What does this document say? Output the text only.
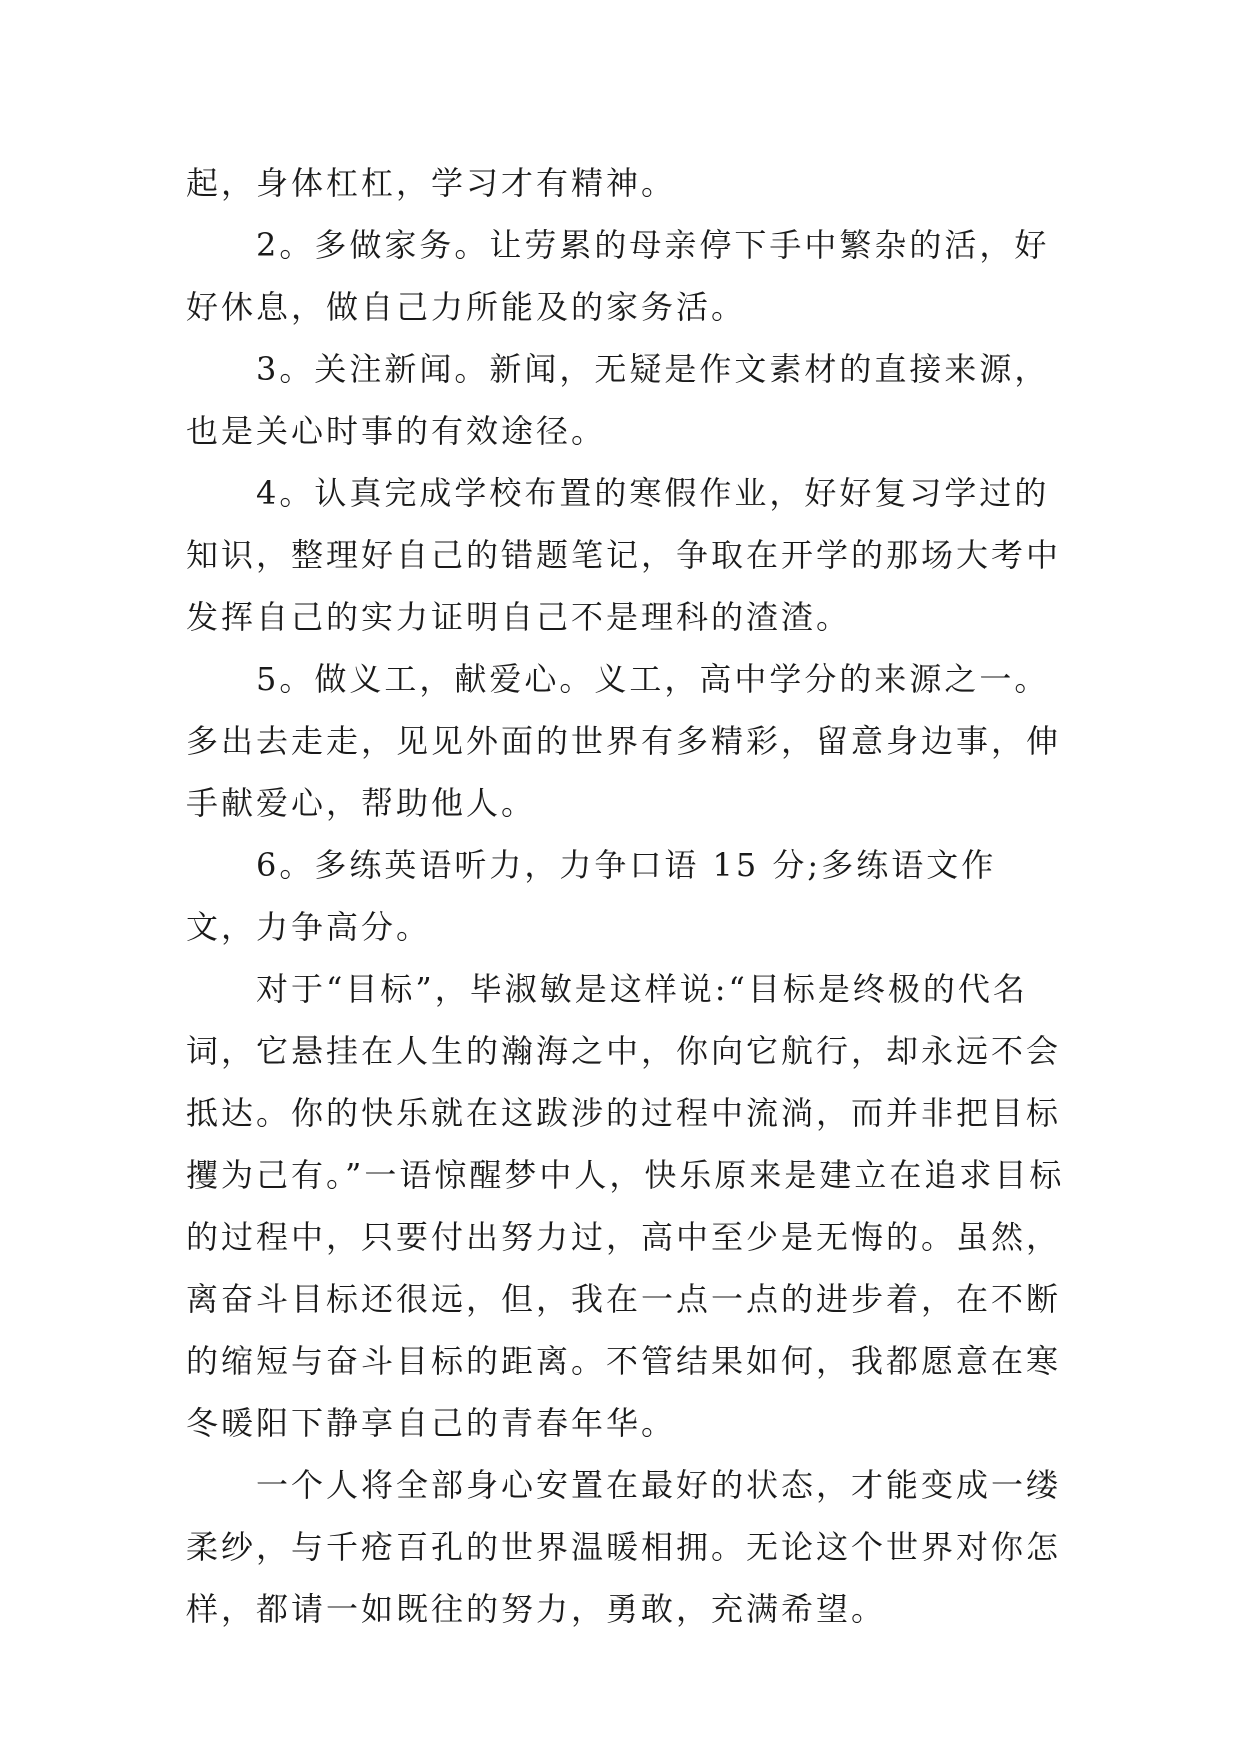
起，身体杠杠，学习才有精神。

2。多做家务。让劳累的母亲停下手中繁杂的活，好好休息，做自己力所能及的家务活。

3。关注新闻。新闻，无疑是作文素材的直接来源，也是关心时事的有效途径。

4。认真完成学校布置的寒假作业，好好复习学过的知识，整理好自己的错题笔记，争取在开学的那场大考中发挥自己的实力证明自己不是理科的渣渣。

5。做义工，献爱心。义工，高中学分的来源之一。多出去走走，见见外面的世界有多精彩，留意身边事，伸手献爱心，帮助他人。

6。多练英语听力，力争口语 15 分;多练语文作文，力争高分。

对于“目标”，毕淑敏是这样说:“目标是终极的代名词，它悬挂在人生的瀚海之中，你向它航行，却永远不会抵达。你的快乐就在这跋涉的过程中流淌，而并非把目标攫为己有。”一语惊醒梦中人，快乐原来是建立在追求目标的过程中，只要付出努力过，高中至少是无悔的。虽然，离奋斗目标还很远，但，我在一点一点的进步着，在不断的缩短与奋斗目标的距离。不管结果如何，我都愿意在寒冬暖阳下静享自己的青春年华。

一个人将全部身心安置在最好的状态，才能变成一缕柔纱，与千疮百孔的世界温暖相拥。无论这个世界对你怎样，都请一如既往的努力，勇敢，充满希望。
